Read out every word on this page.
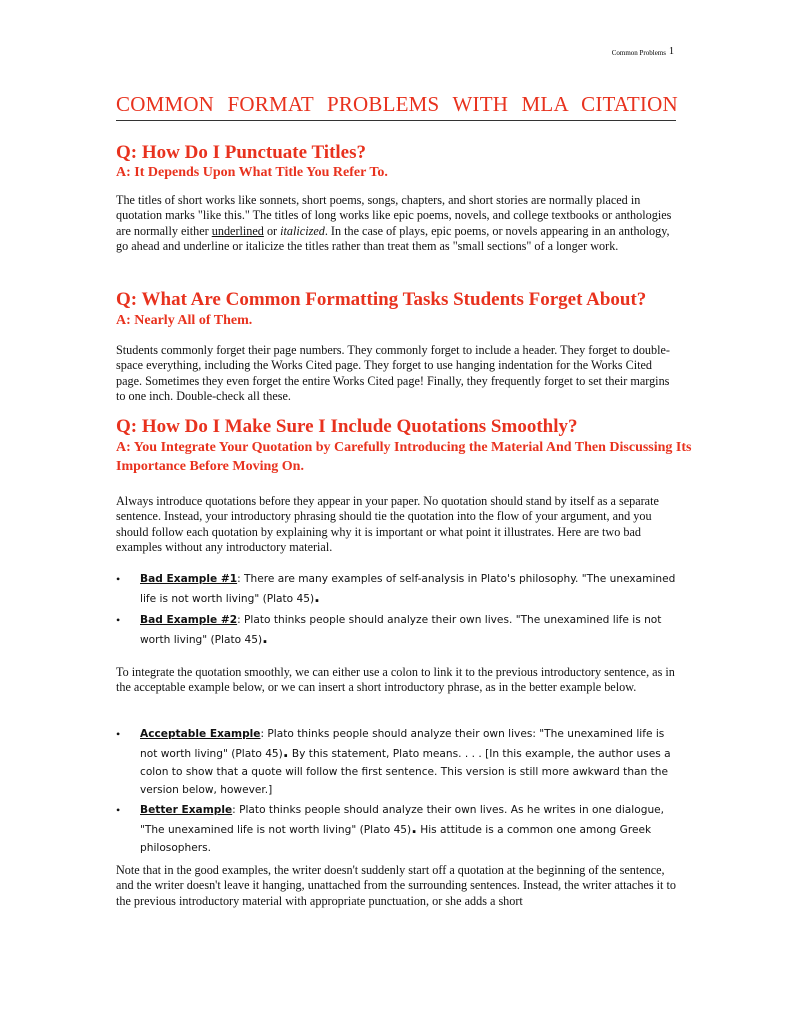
Common Problems 1
COMMON FORMAT PROBLEMS WITH MLA CITATION
Q: How Do I Punctuate Titles?
A: It Depends Upon What Title You Refer To.
The titles of short works like sonnets, short poems, songs, chapters, and short stories are normally placed in quotation marks "like this." The titles of long works like epic poems, novels, and college textbooks or anthologies are normally either underlined or italicized. In the case of plays, epic poems, or novels appearing in an anthology, go ahead and underline or italicize the titles rather than treat them as "small sections" of a longer work.
Q: What Are Common Formatting Tasks Students Forget About?
A: Nearly All of Them.
Students commonly forget their page numbers. They commonly forget to include a header. They forget to double-space everything, including the Works Cited page. They forget to use hanging indentation for the Works Cited page. Sometimes they even forget the entire Works Cited page! Finally, they frequently forget to set their margins to one inch. Double-check all these.
Q: How Do I Make Sure I Include Quotations Smoothly?
A: You Integrate Your Quotation by Carefully Introducing the Material And Then Discussing Its Importance Before Moving On.
Always introduce quotations before they appear in your paper. No quotation should stand by itself as a separate sentence. Instead, your introductory phrasing should tie the quotation into the flow of your argument, and you should follow each quotation by explaining why it is important or what point it illustrates. Here are two bad examples without any introductory material.
• Bad Example #1: There are many examples of self-analysis in Plato's philosophy. "The unexamined life is not worth living" (Plato 45).
• Bad Example #2: Plato thinks people should analyze their own lives. "The unexamined life is not worth living" (Plato 45).
To integrate the quotation smoothly, we can either use a colon to link it to the previous introductory sentence, as in the acceptable example below, or we can insert a short introductory phrase, as in the better example below.
• Acceptable Example: Plato thinks people should analyze their own lives: "The unexamined life is not worth living" (Plato 45). By this statement, Plato means. . . . [In this example, the author uses a colon to show that a quote will follow the first sentence. This version is still more awkward than the version below, however.]
• Better Example: Plato thinks people should analyze their own lives. As he writes in one dialogue, "The unexamined life is not worth living" (Plato 45). His attitude is a common one among Greek philosophers.
Note that in the good examples, the writer doesn't suddenly start off a quotation at the beginning of the sentence, and the writer doesn't leave it hanging, unattached from the surrounding sentences. Instead, the writer attaches it to the previous introductory material with appropriate punctuation, or she adds a short
